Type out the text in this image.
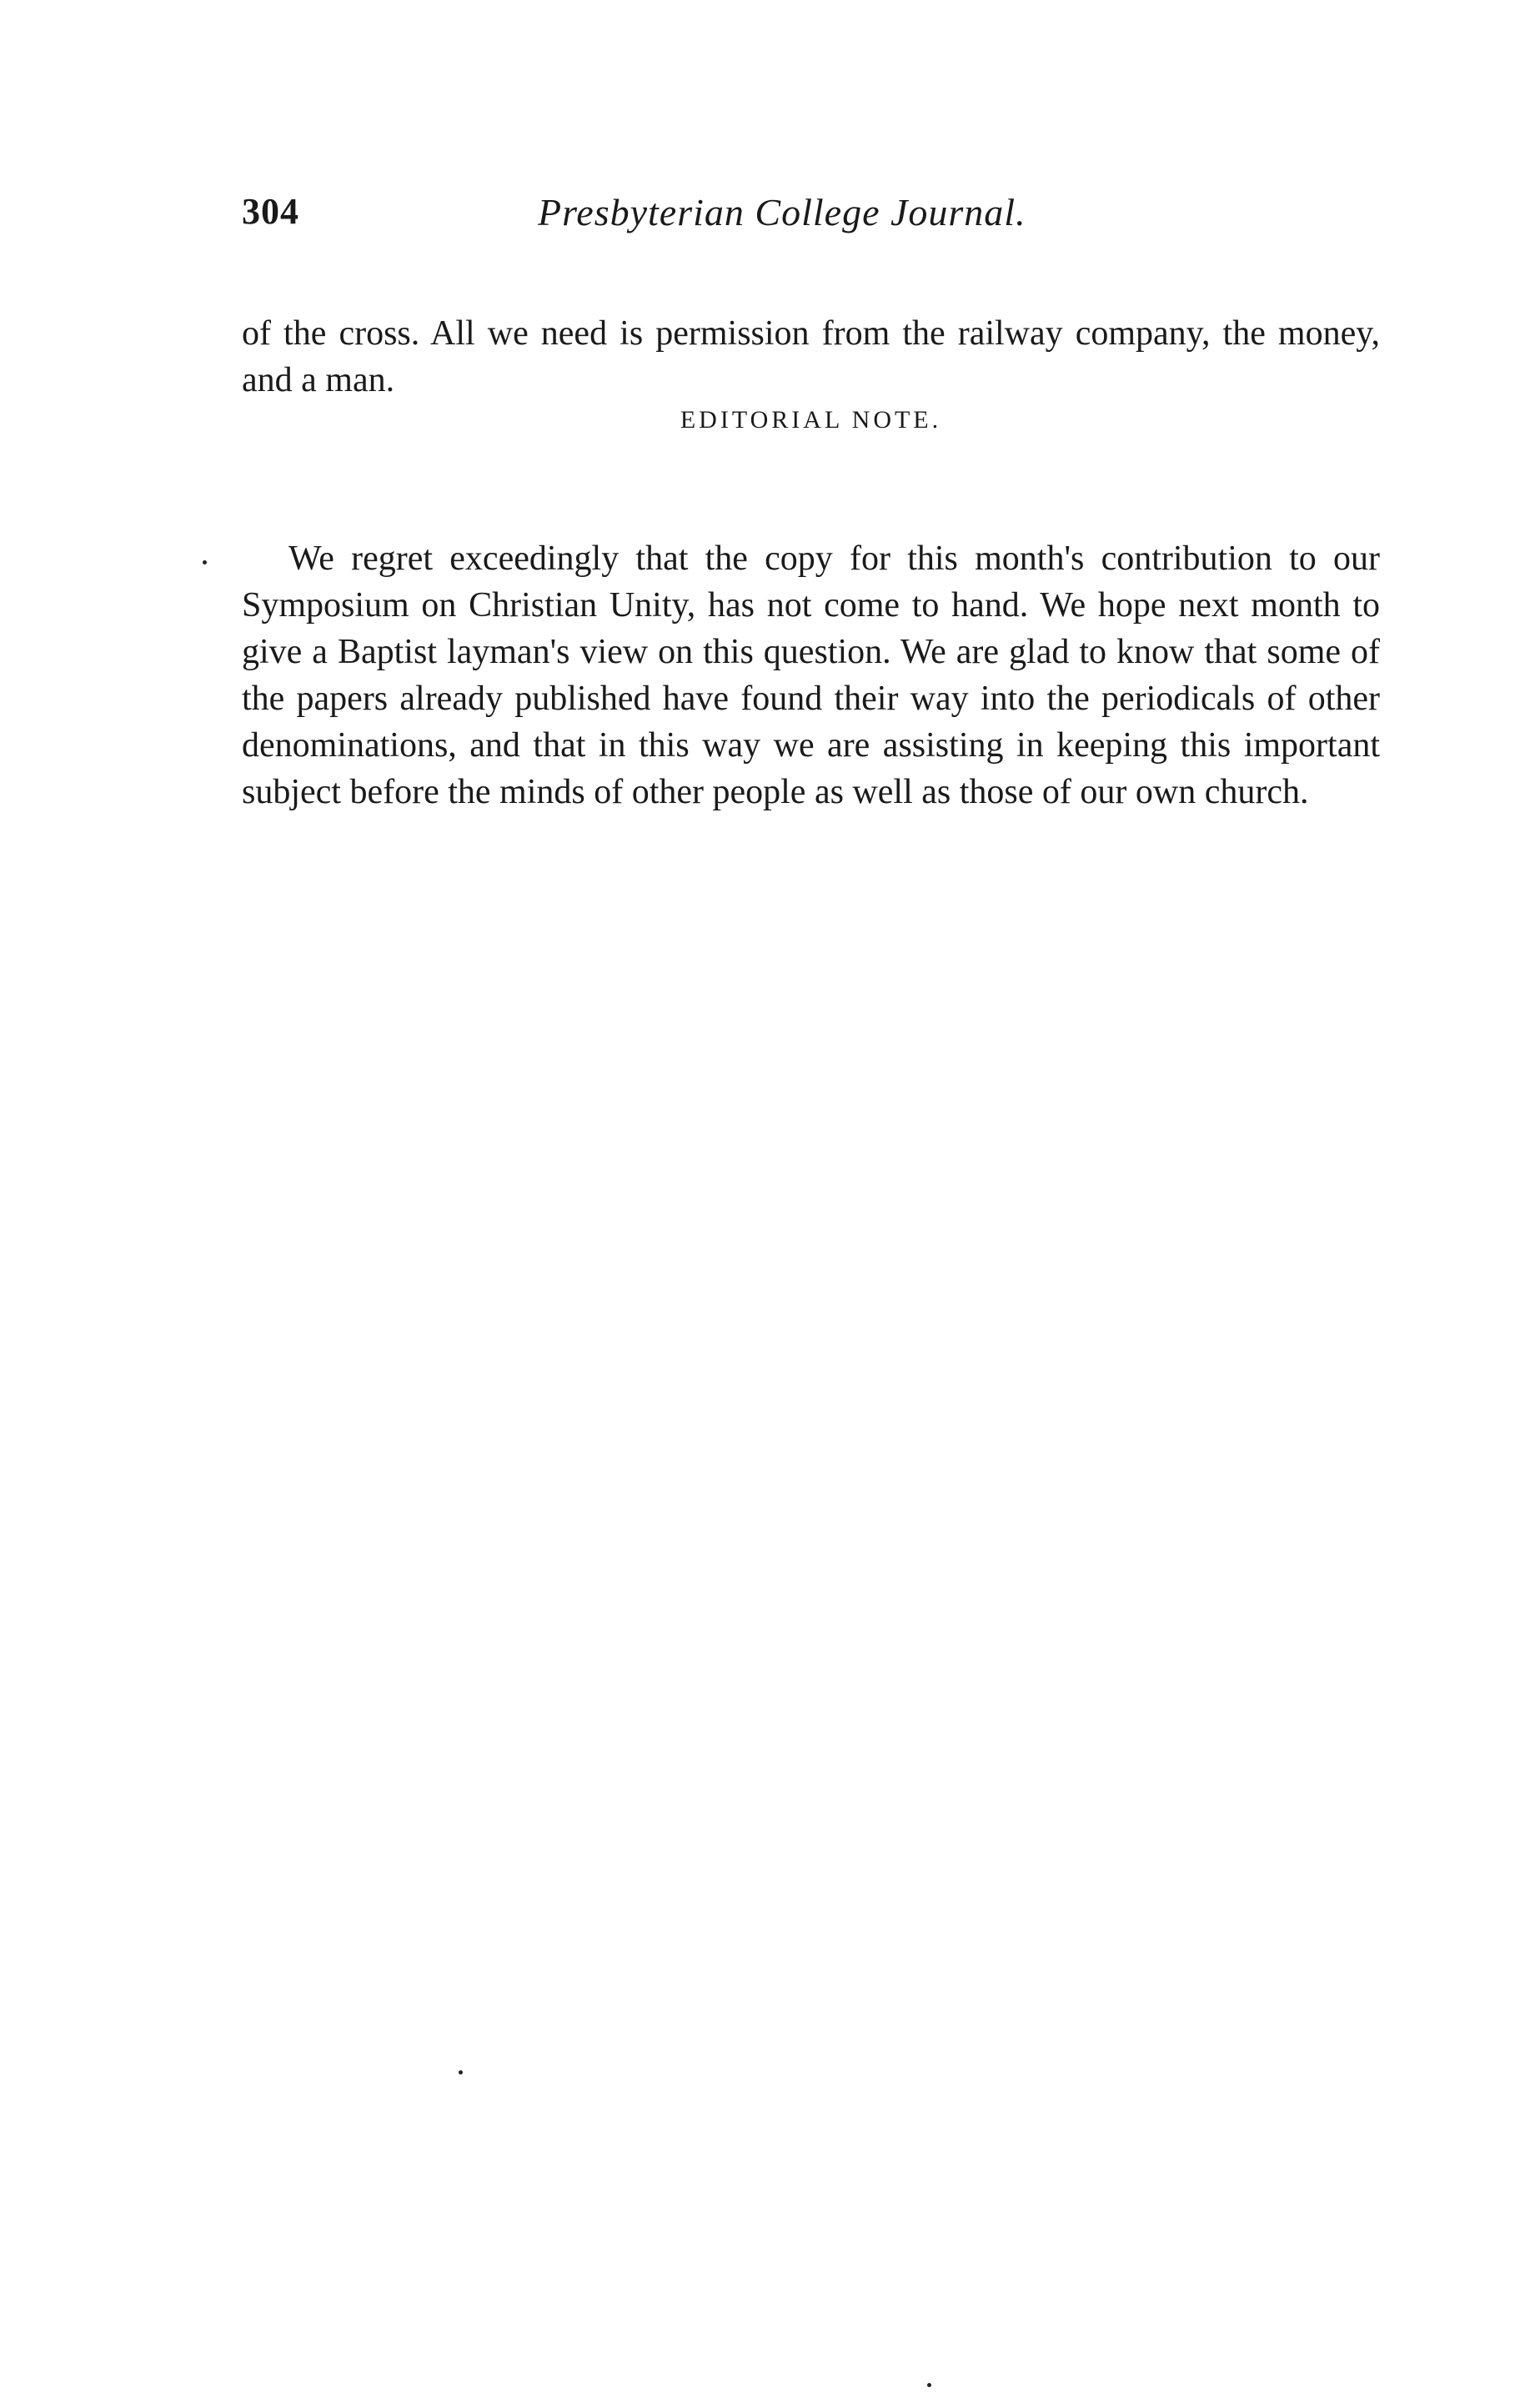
304	Presbyterian College Journal.

of the cross. All we need is permission from the railway company, the money, and a man.

EDITORIAL NOTE.

We regret exceedingly that the copy for this month's contribution to our Symposium on Christian Unity, has not come to hand. We hope next month to give a Baptist layman's view on this question. We are glad to know that some of the papers already published have found their way into the periodicals of other denominations, and that in this way we are assisting in keeping this important subject before the minds of other people as well as those of our own church.
